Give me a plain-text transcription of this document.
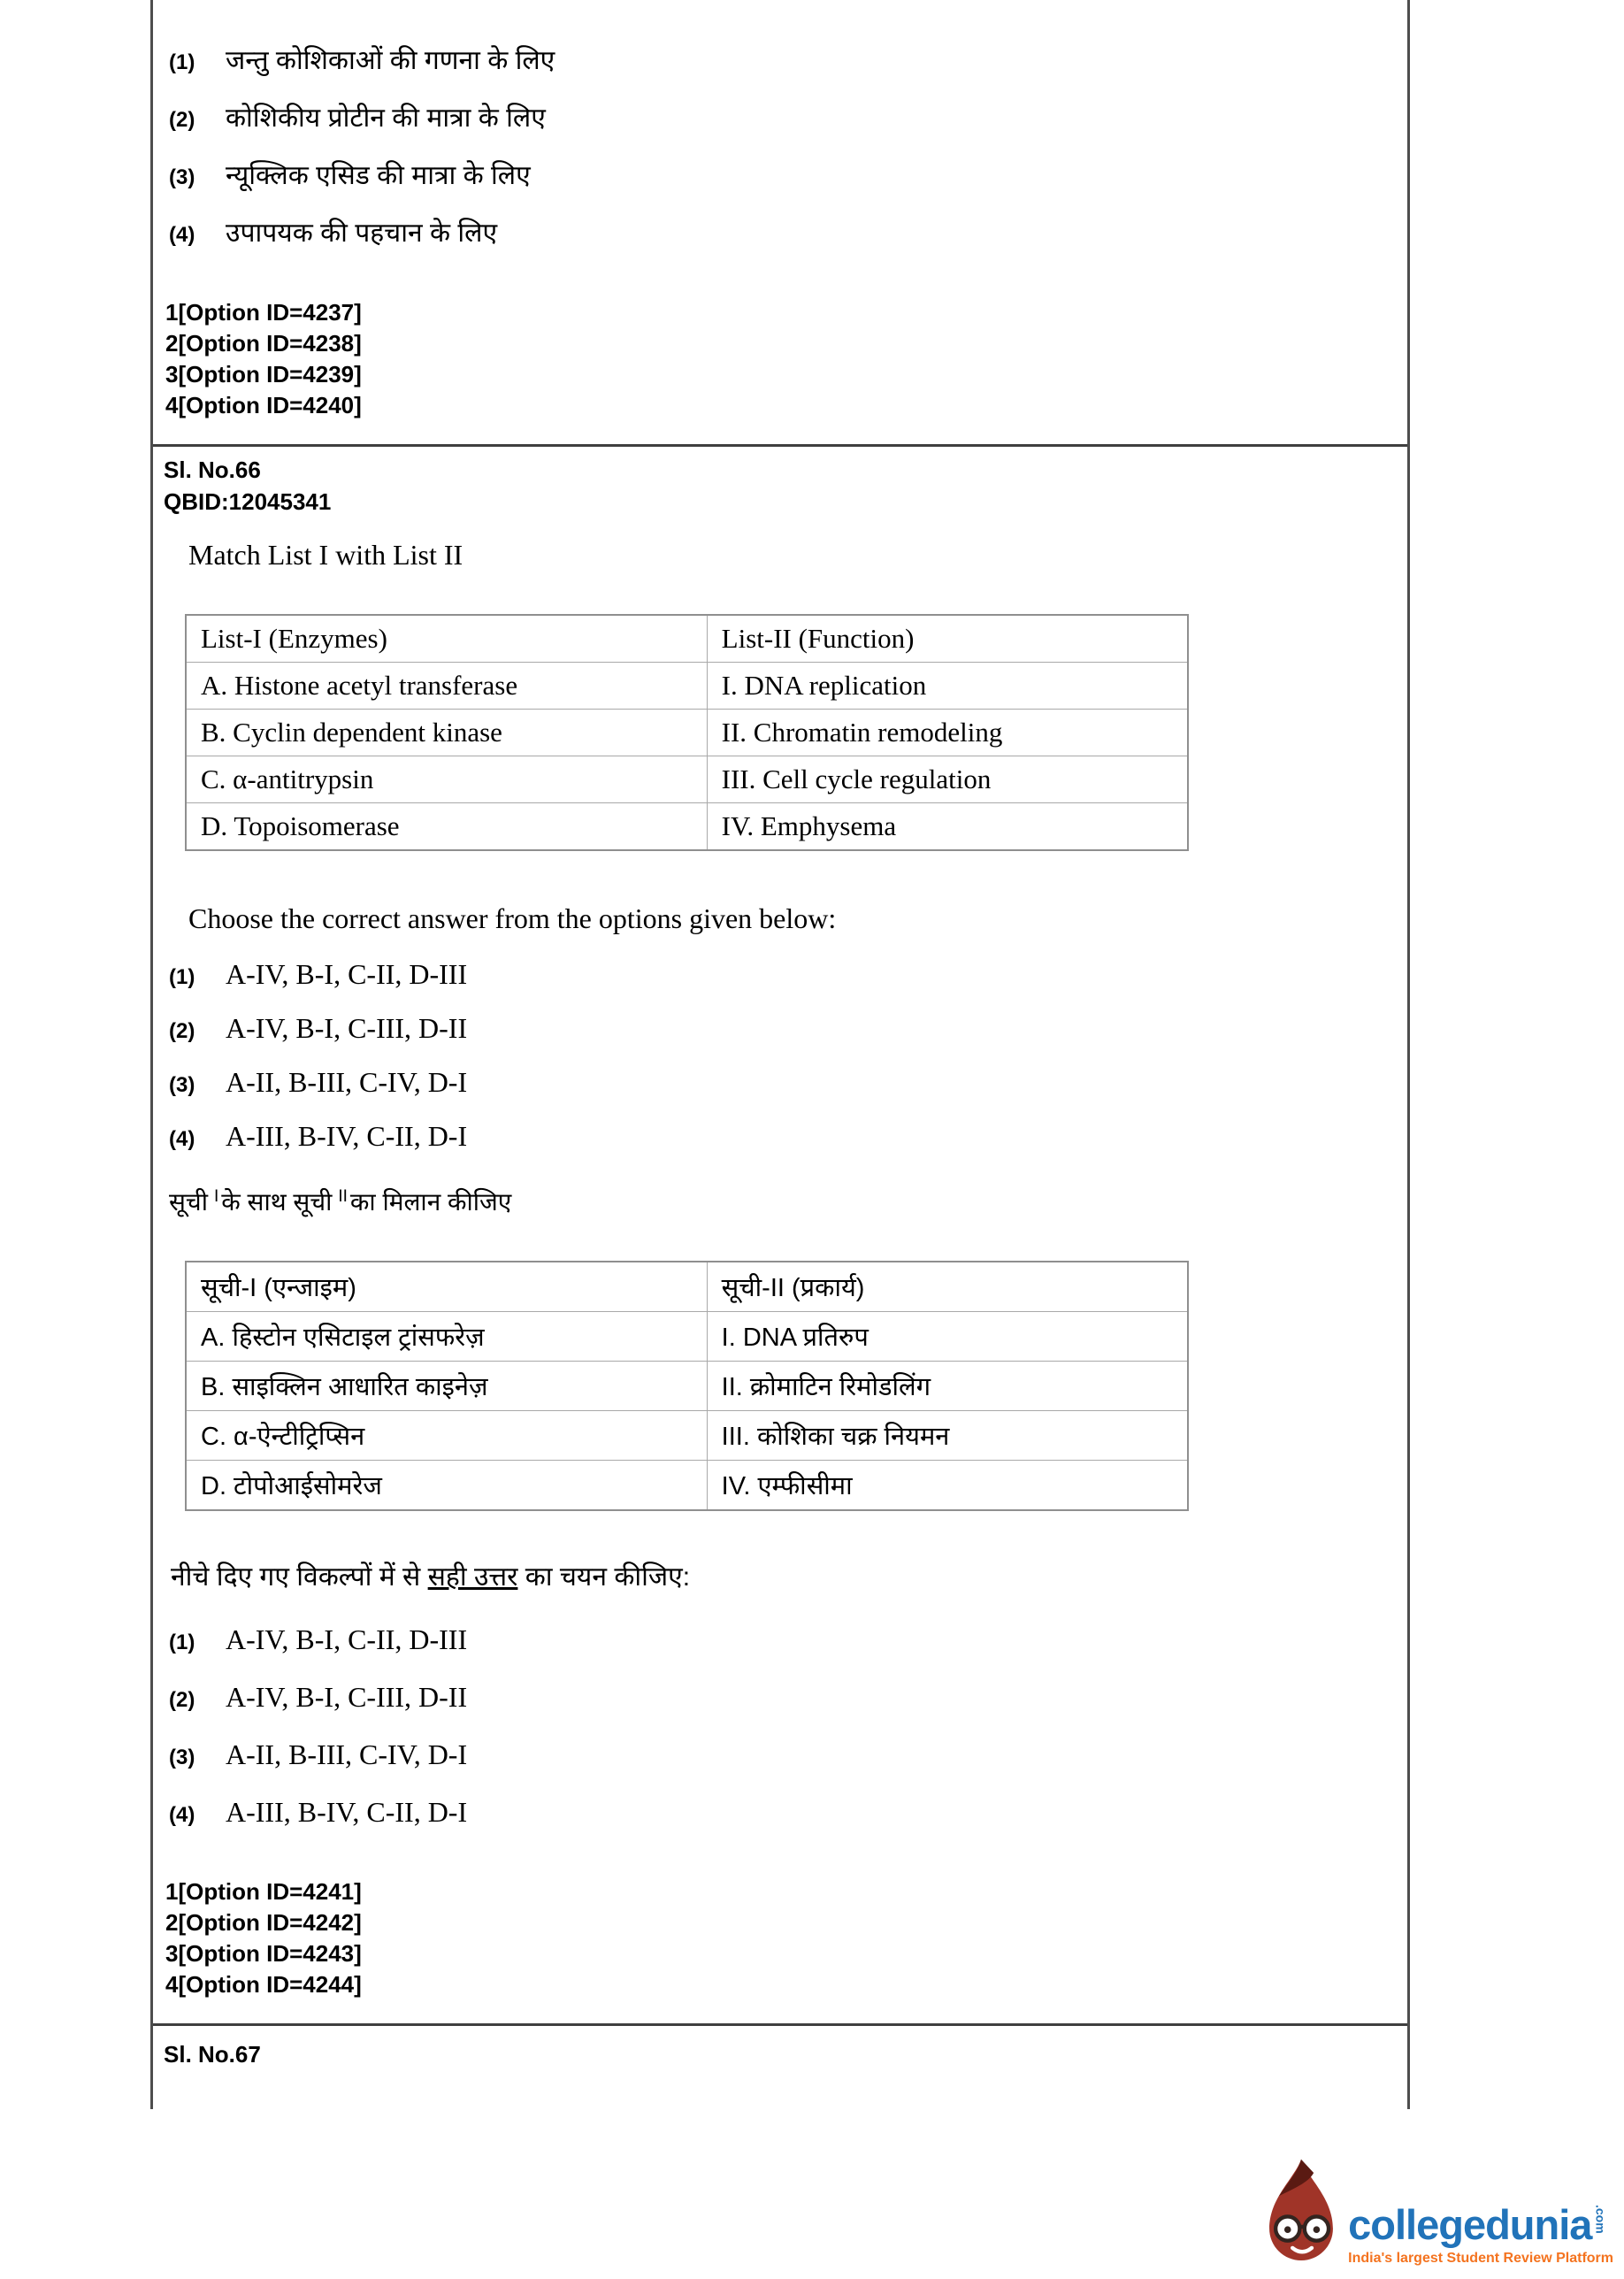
(1)	जन्तु कोशिकाओं की गणना के लिए
(2)	कोशिकीय प्रोटीन की मात्रा के लिए
(3)	न्यूक्लिक एसिड की मात्रा के लिए
(4)	उपापयक की पहचान के लिए
1[Option ID=4237]
2[Option ID=4238]
3[Option ID=4239]
4[Option ID=4240]
Sl. No.66
QBID:12045341
Match List I with List II
List-I (Enzymes)	List-II (Function)
A. Histone acetyl transferase	I. DNA replication
B. Cyclin dependent kinase	II. Chromatin remodeling
C. α-antitrypsin	III. Cell cycle regulation
D. Topoisomerase	IV. Emphysema
Choose the correct answer from the options given below:
(1)	A-IV, B-I, C-II, D-III
(2)	A-IV, B-I, C-III, D-II
(3)	A-II, B-III, C-IV, D-I
(4)	A-III, B-IV, C-II, D-I
सूची $^I$ के साथ सूची $^{II}$ का मिलान कीजिए
सूची-I (एन्जाइम)	सूची-II (प्रकार्य)
A. हिस्टोन एसिटाइल ट्रांसफरेज़	I. DNA प्रतिरुप
B. साइक्लिन आधारित काइनेज़	II. क्रोमाटिन रिमोडलिंग
C. α-ऐन्टीट्रिप्सिन	III. कोशिका चक्र नियमन
D. टोपोआईसोमरेज	IV. एम्फीसीमा
नीचे दिए गए विकल्पों में से सही उत्तर का चयन कीजिए:
(1)	A-IV, B-I, C-II, D-III
(2)	A-IV, B-I, C-III, D-II
(3)	A-II, B-III, C-IV, D-I
(4)	A-III, B-IV, C-II, D-I
1[Option ID=4241]
2[Option ID=4242]
3[Option ID=4243]
4[Option ID=4244]
Sl. No.67
collegedunia .com
India's largest Student Review Platform
